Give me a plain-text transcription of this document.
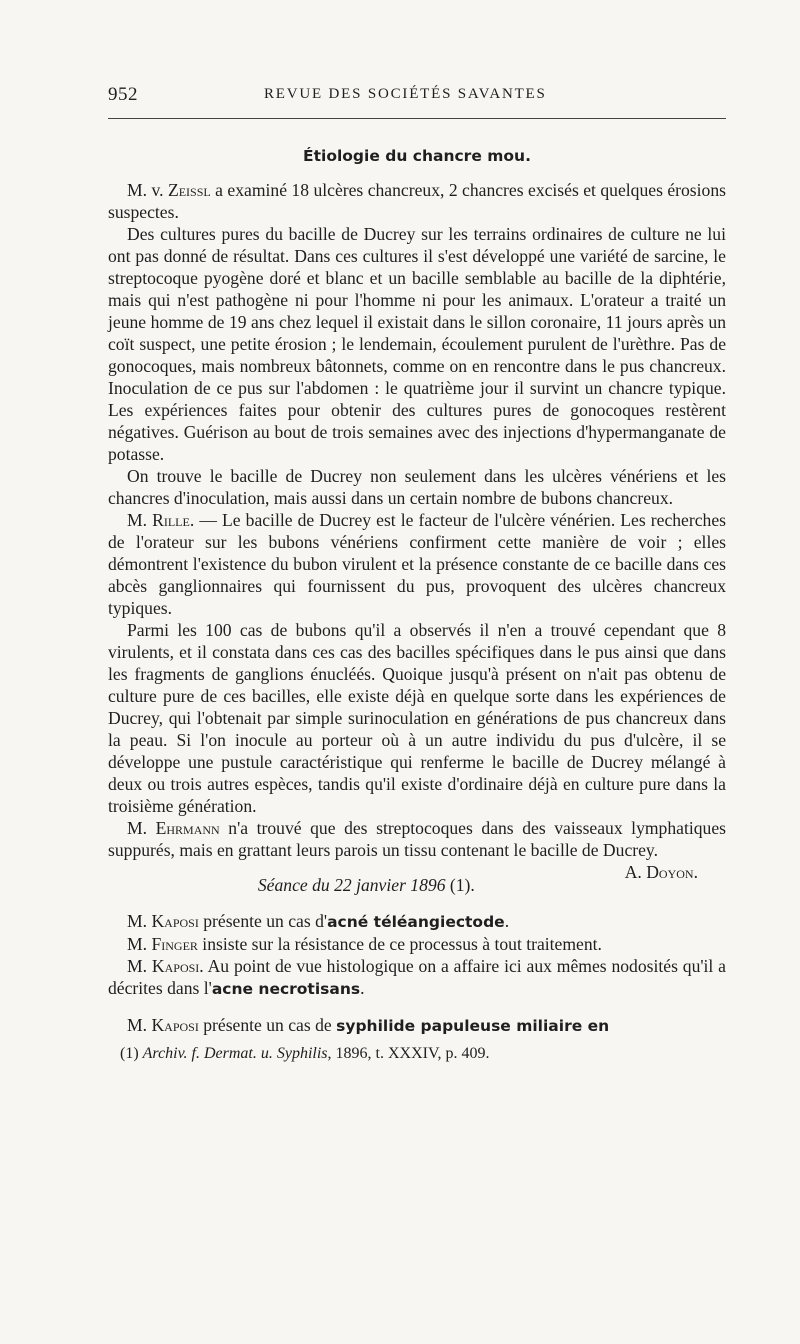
952	REVUE DES SOCIÉTÉS SAVANTES
Étiologie du chancre mou.

M. v. Zeissl a examiné 18 ulcères chancreux, 2 chancres excisés et quelques érosions suspectes.

Des cultures pures du bacille de Ducrey sur les terrains ordinaires de culture ne lui ont pas donné de résultat. Dans ces cultures il s'est développé une variété de sarcine, le streptocoque pyogène doré et blanc et un bacille semblable au bacille de la diphtérie, mais qui n'est pathogène ni pour l'homme ni pour les animaux. L'orateur a traité un jeune homme de 19 ans chez lequel il existait dans le sillon coronaire, 11 jours après un coït suspect, une petite érosion ; le lendemain, écoulement purulent de l'urèthre. Pas de gonocoques, mais nombreux bâtonnets, comme on en rencontre dans le pus chancreux. Inoculation de ce pus sur l'abdomen : le quatrième jour il survint un chancre typique. Les expériences faites pour obtenir des cultures pures de gonocoques restèrent négatives. Guérison au bout de trois semaines avec des injections d'hypermanganate de potasse.

On trouve le bacille de Ducrey non seulement dans les ulcères vénériens et les chancres d'inoculation, mais aussi dans un certain nombre de bubons chancreux.

M. Rille. — Le bacille de Ducrey est le facteur de l'ulcère vénérien. Les recherches de l'orateur sur les bubons vénériens confirment cette manière de voir ; elles démontrent l'existence du bubon virulent et la présence constante de ce bacille dans ces abcès ganglionnaires qui fournissent du pus, provoquent des ulcères chancreux typiques.

Parmi les 100 cas de bubons qu'il a observés il n'en a trouvé cependant que 8 virulents, et il constata dans ces cas des bacilles spécifiques dans le pus ainsi que dans les fragments de ganglions énucléés. Quoique jusqu'à présent on n'ait pas obtenu de culture pure de ces bacilles, elle existe déjà en quelque sorte dans les expériences de Ducrey, qui l'obtenait par simple surinoculation en générations de pus chancreux dans la peau. Si l'on inocule au porteur où à un autre individu du pus d'ulcère, il se développe une pustule caractéristique qui renferme le bacille de Ducrey mélangé à deux ou trois autres espèces, tandis qu'il existe d'ordinaire déjà en culture pure dans la troisième génération.

M. Ehrmann n'a trouvé que des streptocoques dans des vaisseaux lymphatiques suppurés, mais en grattant leurs parois un tissu contenant le bacille de Ducrey.
A. Doyon.

Séance du 22 janvier 1896 (1).

M. Kaposi présente un cas d'acné téléangiectode.

M. Finger insiste sur la résistance de ce processus à tout traitement.

M. Kaposi. Au point de vue histologique on a affaire ici aux mêmes nodosités qu'il a décrites dans l'acne necrotisans.

M. Kaposi présente un cas de syphilide papuleuse miliaire en

(1) Archiv. f. Dermat. u. Syphilis, 1896, t. XXXIV, p. 409.
